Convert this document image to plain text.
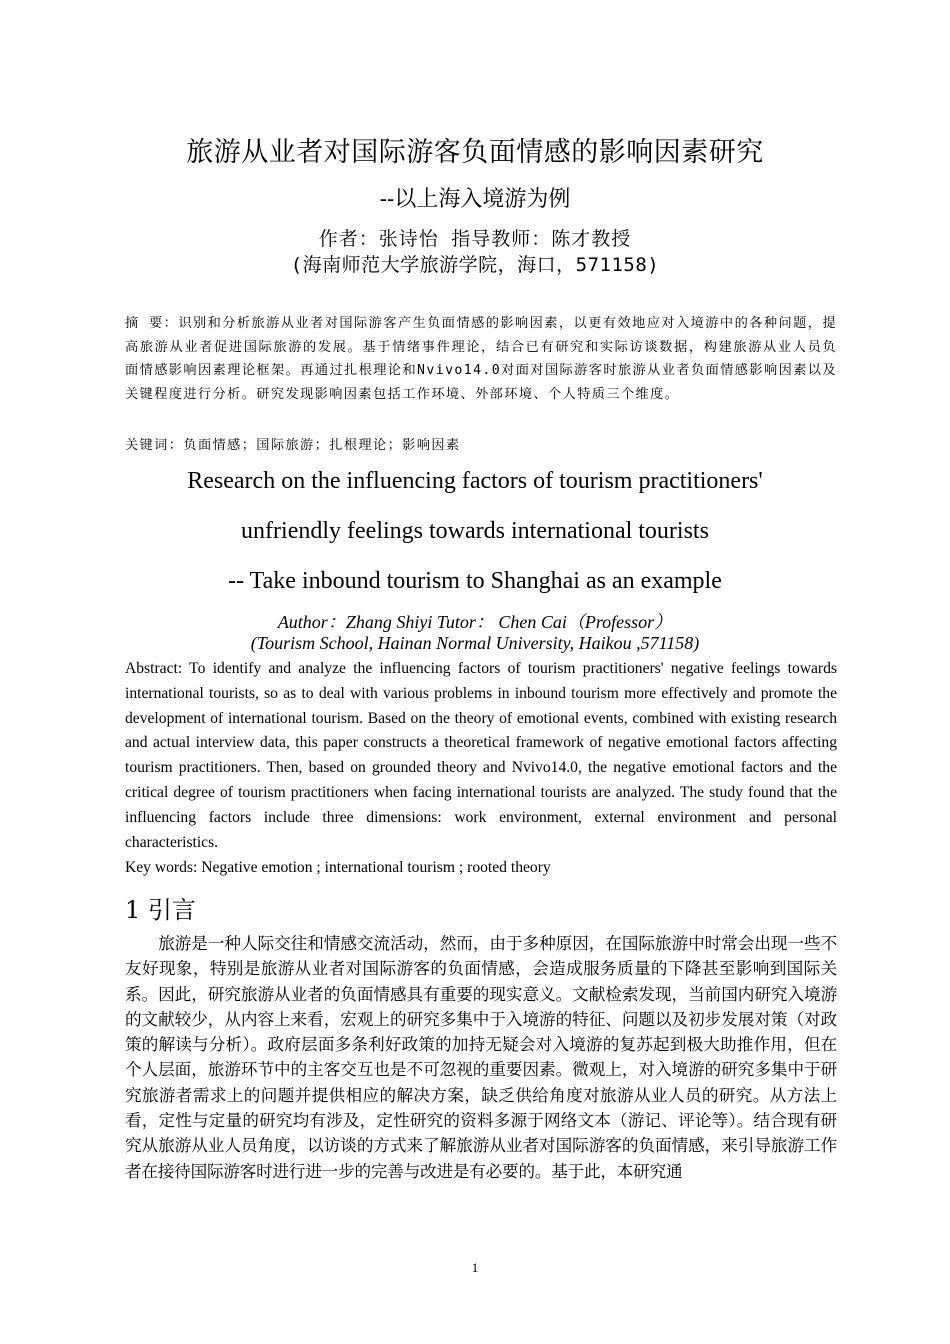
旅游从业者对国际游客负面情感的影响因素研究
--以上海入境游为例
作者：张诗怡 指导教师：陈才教授
(海南师范大学旅游学院，海口，571158)
摘 要：识别和分析旅游从业者对国际游客产生负面情感的影响因素，以更有效地应对入境游中的各种问题，提高旅游从业者促进国际旅游的发展。基于情绪事件理论，结合已有研究和实际访谈数据，构建旅游从业人员负面情感影响因素理论框架。再通过扎根理论和Nvivo14.0对面对国际游客时旅游从业者负面情感影响因素以及关键程度进行分析。研究发现影响因素包括工作环境、外部环境、个人特质三个维度。
关键词：负面情感；国际旅游；扎根理论；影响因素
Research on the influencing factors of tourism practitioners'
unfriendly feelings towards international tourists
-- Take inbound tourism to Shanghai as an example
Author：Zhang Shiyi Tutor： Chen Cai（Professor）
(Tourism School, Hainan Normal University, Haikou ,571158)
Abstract: To identify and analyze the influencing factors of tourism practitioners' negative feelings towards international tourists, so as to deal with various problems in inbound tourism more effectively and promote the development of international tourism. Based on the theory of emotional events, combined with existing research and actual interview data, this paper constructs a theoretical framework of negative emotional factors affecting tourism practitioners. Then, based on grounded theory and Nvivo14.0, the negative emotional factors and the critical degree of tourism practitioners when facing international tourists are analyzed. The study found that the influencing factors include three dimensions: work environment, external environment and personal characteristics.
Key words: Negative emotion ; international tourism ; rooted theory
1 引言
旅游是一种人际交往和情感交流活动，然而，由于多种原因，在国际旅游中时常会出现一些不友好现象，特别是旅游从业者对国际游客的负面情感，会造成服务质量的下降甚至影响到国际关系。因此，研究旅游从业者的负面情感具有重要的现实意义。文献检索发现，当前国内研究入境游的文献较少，从内容上来看，宏观上的研究多集中于入境游的特征、问题以及初步发展对策（对政策的解读与分析）。政府层面多条利好政策的加持无疑会对入境游的复苏起到极大助推作用，但在个人层面，旅游环节中的主客交互也是不可忽视的重要因素。微观上，对入境游的研究多集中于研究旅游者需求上的问题并提供相应的解决方案，缺乏供给角度对旅游从业人员的研究。从方法上看，定性与定量的研究均有涉及，定性研究的资料多源于网络文本（游记、评论等）。结合现有研究从旅游从业人员角度，以访谈的方式来了解旅游从业者对国际游客的负面情感，来引导旅游工作者在接待国际游客时进行进一步的完善与改进是有必要的。基于此，本研究通
1
